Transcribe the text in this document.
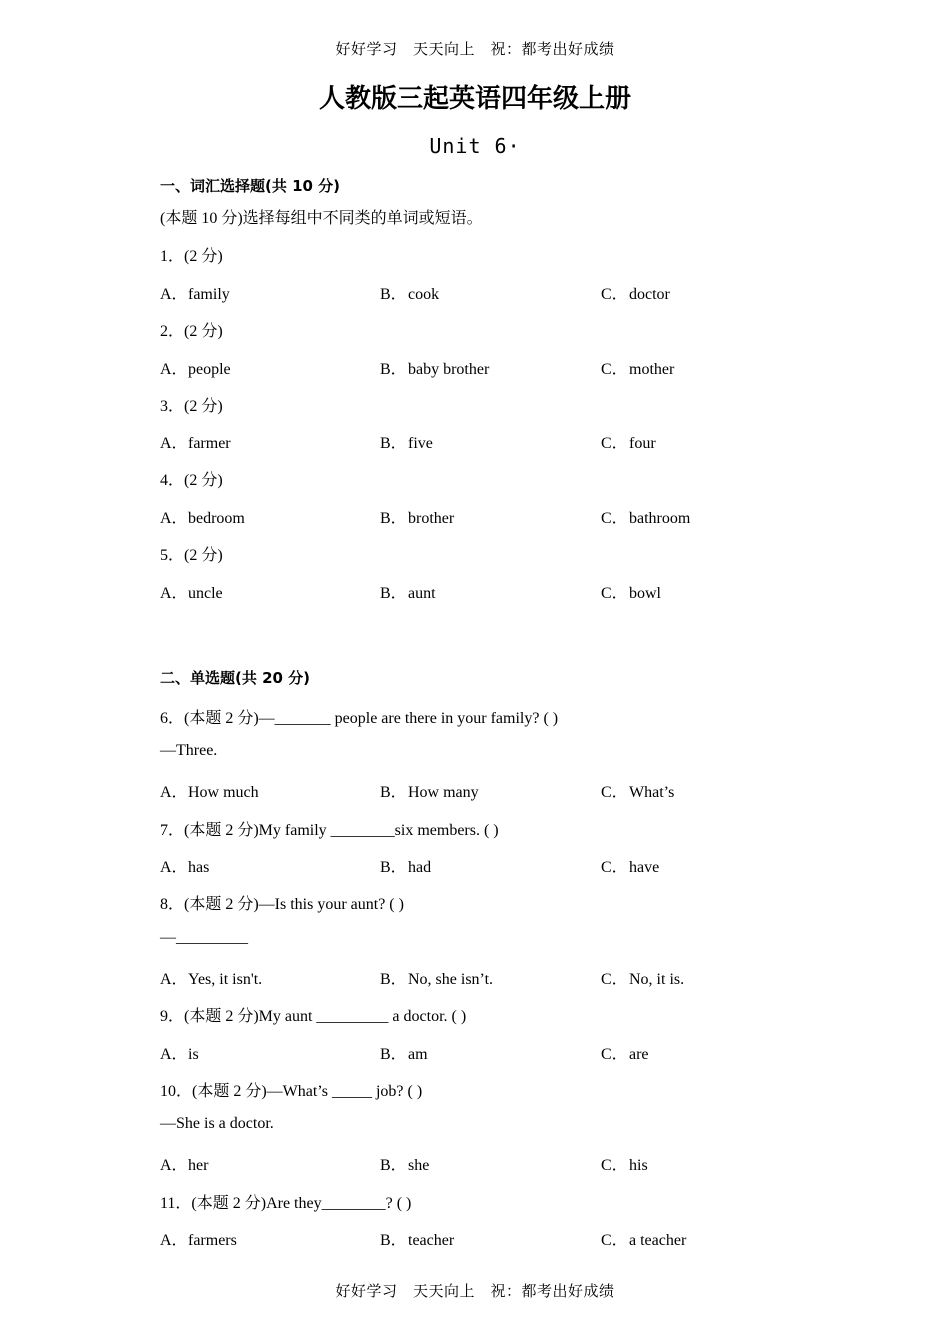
好好学习　天天向上　祝：都考出好成绩
人教版三起英语四年级上册
Unit 6·
一、词汇选择题(共 10 分)
(本题 10 分)选择每组中不同类的单词或短语。
1．(2 分)
A．family	B．cook	C．doctor
2．(2 分)
A．people	B．baby brother	C．mother
3．(2 分)
A．farmer	B．five	C．four
4．(2 分)
A．bedroom	B．brother	C．bathroom
5．(2 分)
A．uncle	B．aunt	C．bowl
二、单选题(共 20 分)
6．(本题 2 分)—_______ people are there in your family? ( )
—Three.
A．How much	B．How many	C．What’s
7．(本题 2 分)My family ________six members. ( )
A．has	B．had	C．have
8．(本题 2 分)—Is this your aunt? ( )
—_________
A．Yes, it isn't.	B．No, she isn’t.	C．No, it is.
9．(本题 2 分)My aunt _________ a doctor. ( )
A．is	B．am	C．are
10．(本题 2 分)—What’s _____ job? ( )
—She is a doctor.
A．her	B．she	C．his
11．(本题 2 分)Are they________? ( )
A．farmers	B．teacher	C．a teacher
好好学习　天天向上　祝：都考出好成绩
